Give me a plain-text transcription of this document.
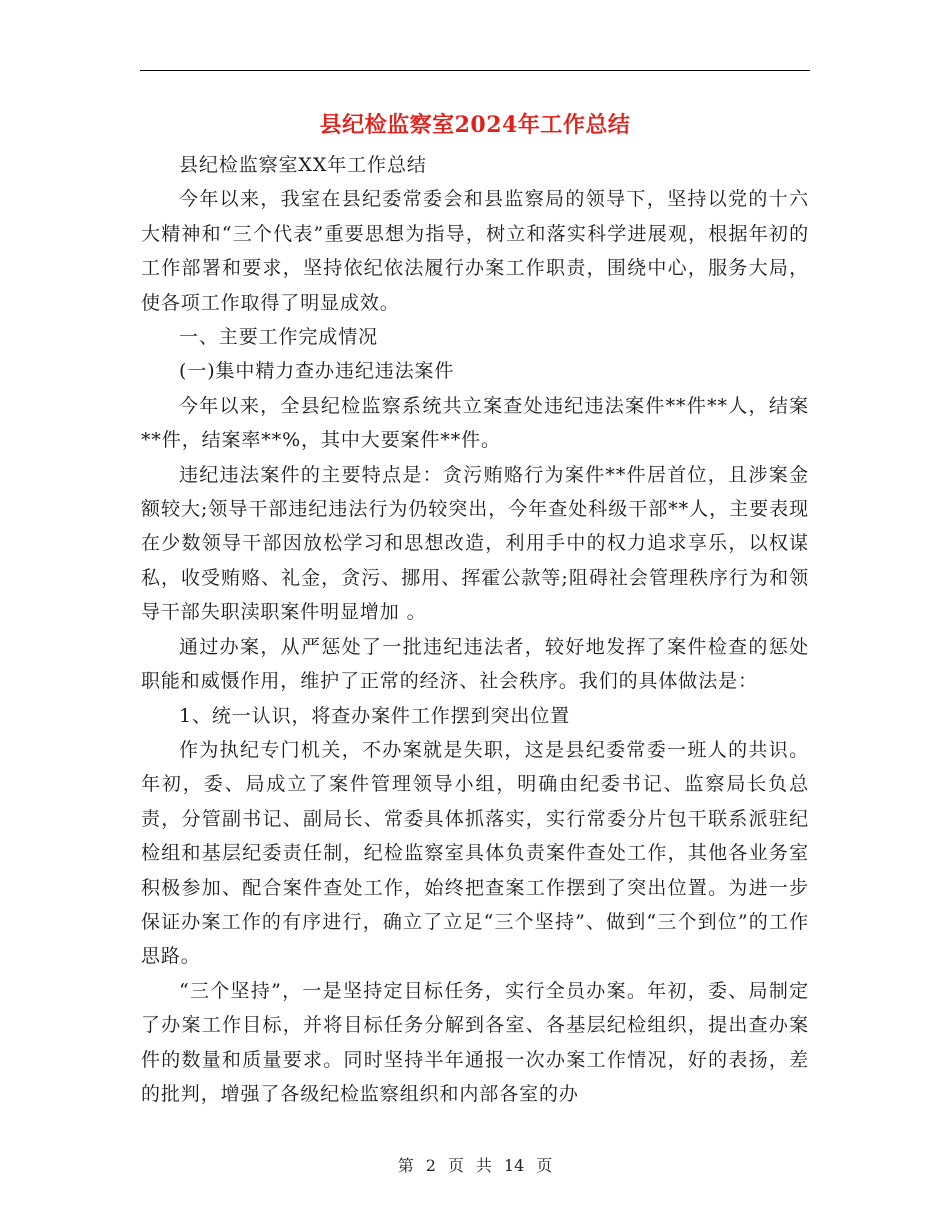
县纪检监察室2024年工作总结

县纪检监察室XX年工作总结

今年以来，我室在县纪委常委会和县监察局的领导下，坚持以党的十六大精神和“三个代表”重要思想为指导，树立和落实科学进展观，根据年初的工作部署和要求，坚持依纪依法履行办案工作职责，围绕中心，服务大局，使各项工作取得了明显成效。

一、主要工作完成情况

(一)集中精力查办违纪违法案件

今年以来，全县纪检监察系统共立案查处违纪违法案件**件**人，结案**件，结案率**%，其中大要案件**件。

违纪违法案件的主要特点是：贪污贿赂行为案件**件居首位，且涉案金额较大;领导干部违纪违法行为仍较突出，今年查处科级干部**人，主要表现在少数领导干部因放松学习和思想改造，利用手中的权力追求享乐，以权谋私，收受贿赂、礼金，贪污、挪用、挥霍公款等;阻碍社会管理秩序行为和领导干部失职渎职案件明显增加 。

通过办案，从严惩处了一批违纪违法者，较好地发挥了案件检查的惩处职能和威慑作用，维护了正常的经济、社会秩序。我们的具体做法是：

1、统一认识，将查办案件工作摆到突出位置

作为执纪专门机关，不办案就是失职，这是县纪委常委一班人的共识。年初，委、局成立了案件管理领导小组，明确由纪委书记、监察局长负总责，分管副书记、副局长、常委具体抓落实，实行常委分片包干联系派驻纪检组和基层纪委责任制，纪检监察室具体负责案件查处工作，其他各业务室积极参加、配合案件查处工作，始终把查案工作摆到了突出位置。为进一步保证办案工作的有序进行，确立了立足“三个坚持”、做到“三个到位”的工作思路。

“三个坚持”，一是坚持定目标任务，实行全员办案。年初，委、局制定了办案工作目标，并将目标任务分解到各室、各基层纪检组织，提出查办案件的数量和质量要求。同时坚持半年通报一次办案工作情况，好的表扬，差的批判，增强了各级纪检监察组织和内部各室的办

第 2 页 共 14 页
